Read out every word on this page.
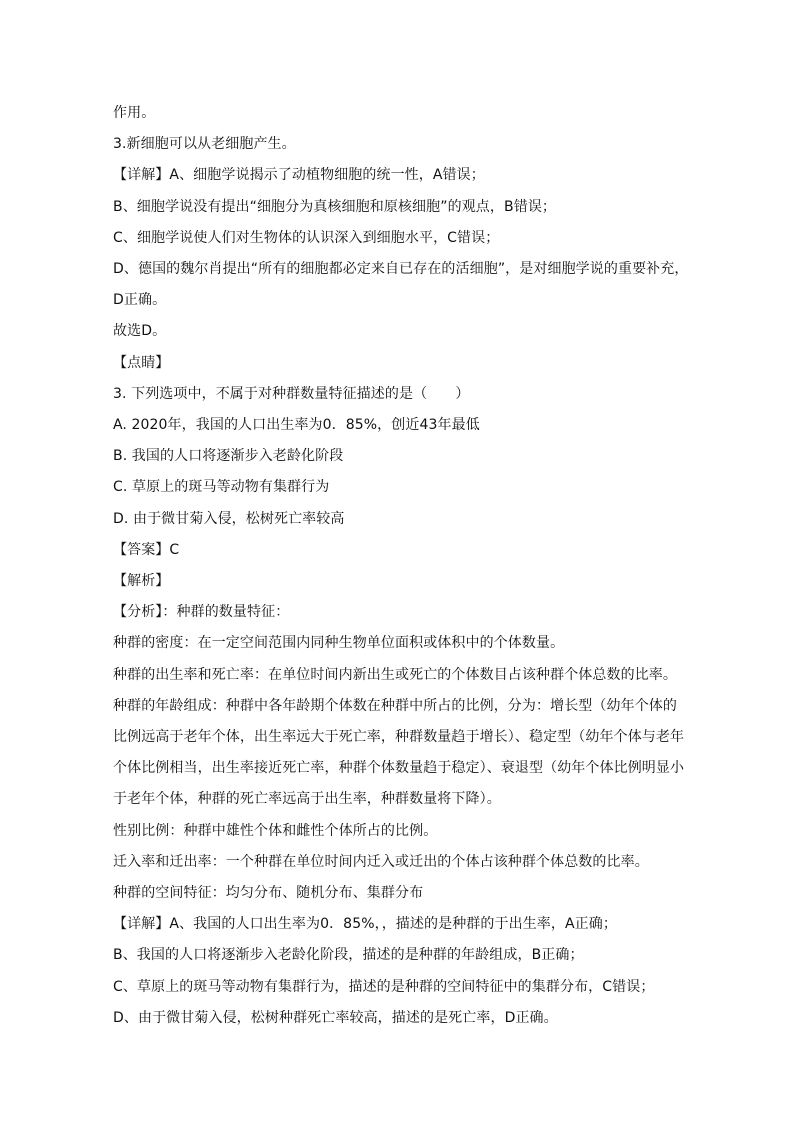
作用。
3.新细胞可以从老细胞产生。
【详解】A、细胞学说揭示了动植物细胞的统一性，A错误；
B、细胞学说没有提出“细胞分为真核细胞和原核细胞”的观点，B错误；
C、细胞学说使人们对生物体的认识深入到细胞水平，C错误；
D、德国的魏尔肖提出“所有的细胞都必定来自已存在的活细胞”，是对细胞学说的重要补充，
D正确。
故选D。
【点睛】
3. 下列选项中，不属于对种群数量特征描述的是（　　）
A. 2020年，我国的人口出生率为0．85%，创近43年最低
B. 我国的人口将逐渐步入老龄化阶段
C. 草原上的斑马等动物有集群行为
D. 由于微甘菊入侵，松树死亡率较高
【答案】C
【解析】
【分析】：种群的数量特征：
种群的密度：在一定空间范围内同种生物单位面积或体积中的个体数量。
种群的出生率和死亡率：在单位时间内新出生或死亡的个体数目占该种群个体总数的比率。
种群的年龄组成：种群中各年龄期个体数在种群中所占的比例，分为：增长型（幼年个体的
比例远高于老年个体，出生率远大于死亡率，种群数量趋于增长）、稳定型（幼年个体与老年
个体比例相当，出生率接近死亡率，种群个体数量趋于稳定）、衰退型（幼年个体比例明显小
于老年个体，种群的死亡率远高于出生率，种群数量将下降）。
性别比例：种群中雄性个体和雌性个体所占的比例。
迁入率和迁出率：一个种群在单位时间内迁入或迁出的个体占该种群个体总数的比率。
种群的空间特征：均匀分布、随机分布、集群分布
【详解】A、我国的人口出生率为0．85%，，描述的是种群的于出生率，A正确；
B、我国的人口将逐渐步入老龄化阶段，描述的是种群的年龄组成，B正确；
C、草原上的斑马等动物有集群行为，描述的是种群的空间特征中的集群分布，C错误；
D、由于微甘菊入侵，松树种群死亡率较高，描述的是死亡率，D正确。
